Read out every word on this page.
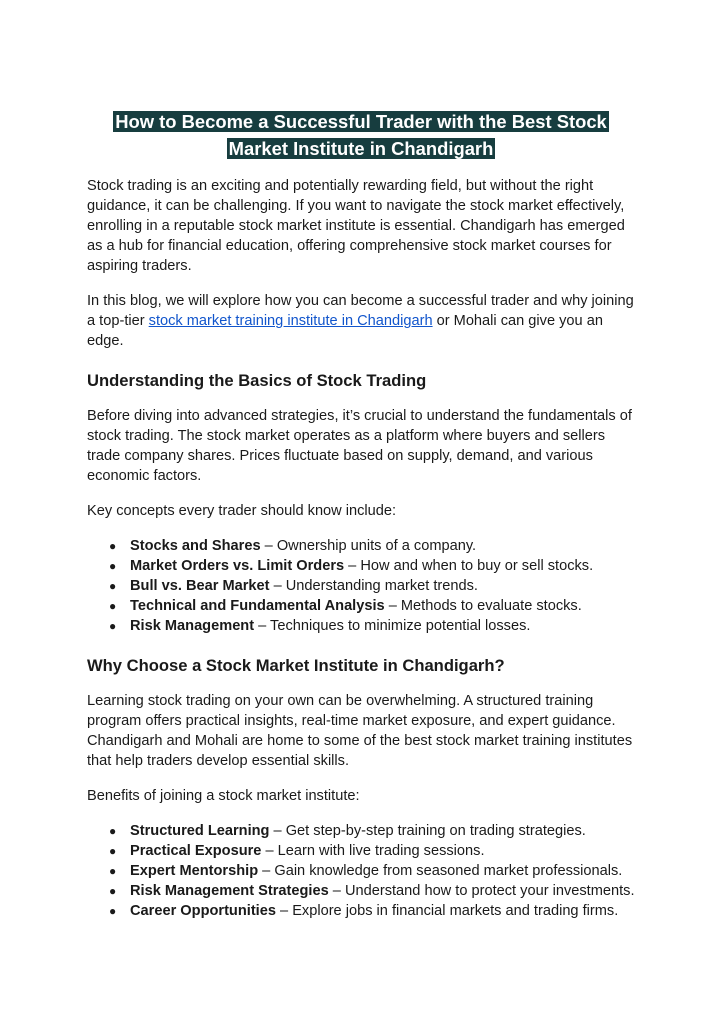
How to Become a Successful Trader with the Best Stock
Market Institute in Chandigarh

Stock trading is an exciting and potentially rewarding field, but without the right guidance, it can be challenging. If you want to navigate the stock market effectively, enrolling in a reputable stock market institute is essential. Chandigarh has emerged as a hub for financial education, offering comprehensive stock market courses for aspiring traders.

In this blog, we will explore how you can become a successful trader and why joining a top-tier stock market training institute in Chandigarh or Mohali can give you an edge.

Understanding the Basics of Stock Trading

Before diving into advanced strategies, it’s crucial to understand the fundamentals of stock trading. The stock market operates as a platform where buyers and sellers trade company shares. Prices fluctuate based on supply, demand, and various economic factors.

Key concepts every trader should know include:

● Stocks and Shares – Ownership units of a company.
● Market Orders vs. Limit Orders – How and when to buy or sell stocks.
● Bull vs. Bear Market – Understanding market trends.
● Technical and Fundamental Analysis – Methods to evaluate stocks.
● Risk Management – Techniques to minimize potential losses.
Why Choose a Stock Market Institute in Chandigarh?

Learning stock trading on your own can be overwhelming. A structured training program offers practical insights, real-time market exposure, and expert guidance. Chandigarh and Mohali are home to some of the best stock market training institutes that help traders develop essential skills.

Benefits of joining a stock market institute:

● Structured Learning – Get step-by-step training on trading strategies.
● Practical Exposure – Learn with live trading sessions.
● Expert Mentorship – Gain knowledge from seasoned market professionals.
● Risk Management Strategies – Understand how to protect your investments.
● Career Opportunities – Explore jobs in financial markets and trading firms.
